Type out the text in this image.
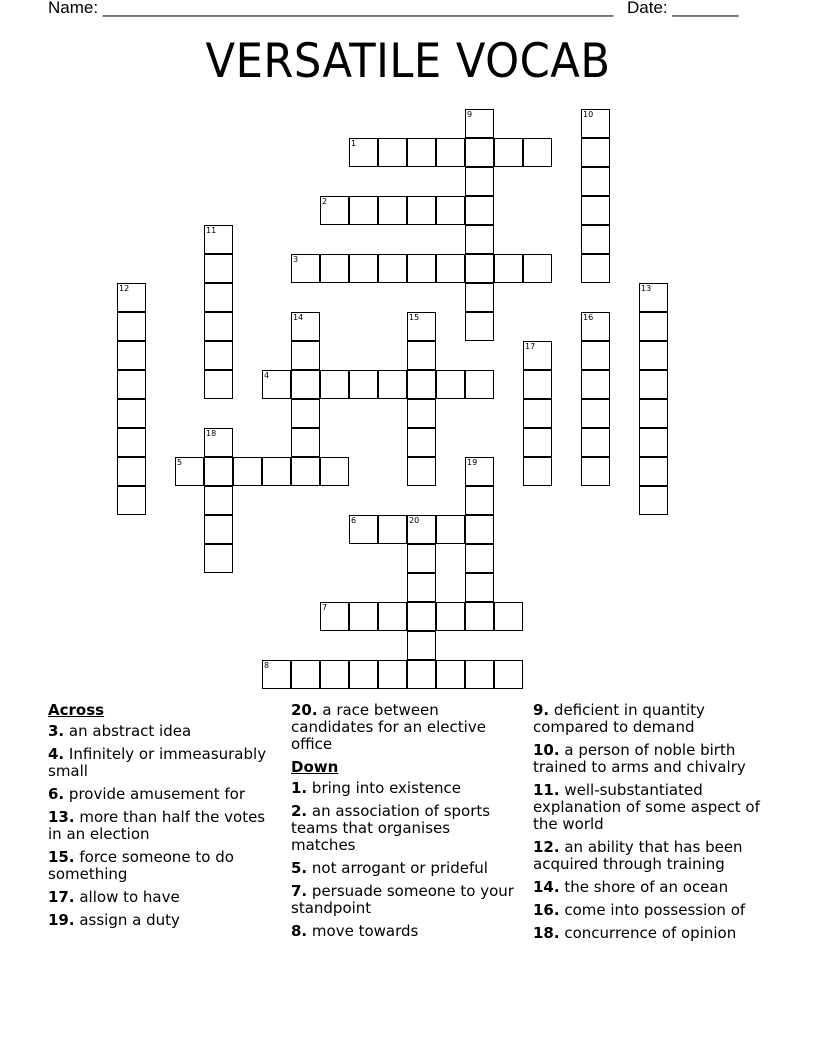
Name: ______________________________________________________ Date: _______
VERSATILE VOCAB
1
2
3
4
5
6	20
7
8
9	10
11
12	13
14	15	16
17
18
19
Across
3. an abstract idea
4. Infinitely or immeasurably small
6. provide amusement for
13. more than half the votes in an election
15. force someone to do something
17. allow to have
19. assign a duty
20. a race between candidates for an elective office
Down
1. bring into existence
2. an association of sports teams that organises matches
5. not arrogant or prideful
7. persuade someone to your standpoint
8. move towards
9. deficient in quantity compared to demand
10. a person of noble birth trained to arms and chivalry
11. well-substantiated explanation of some aspect of the world
12. an ability that has been acquired through training
14. the shore of an ocean
16. come into possession of
18. concurrence of opinion
